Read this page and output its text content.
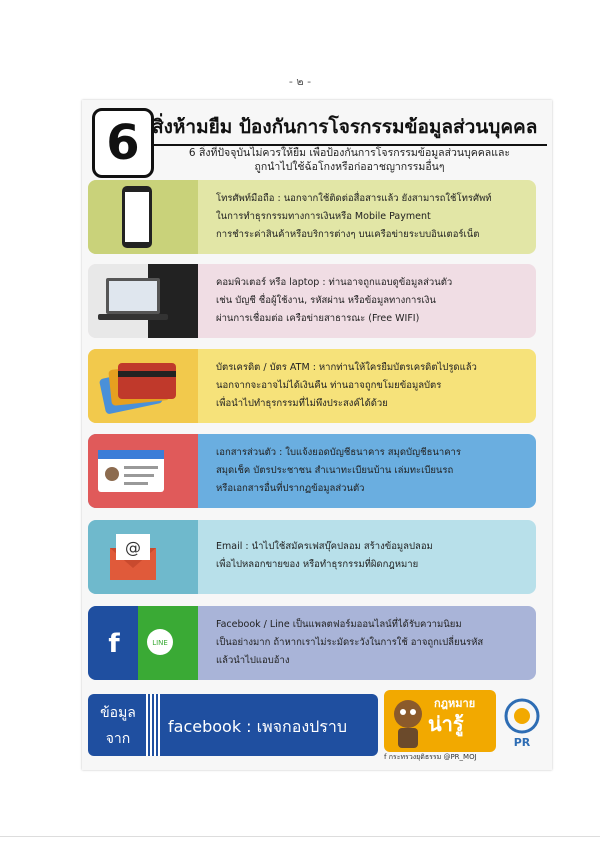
- ๒ -
6 สิ่งห้ามยืม ป้องกันการโจรกรรมข้อมูลส่วนบุคคล
6 สิ่งที่ปัจจุบันไม่ควรให้ยืม เพื่อป้องกันการโจรกรรมข้อมูลส่วนบุคคลและ
ถูกนำไปใช้ฉ้อโกงหรือก่ออาชญากรรมอื่นๆ
โทรศัพท์มือถือ : นอกจากใช้ติดต่อสื่อสารแล้ว ยังสามารถใช้โทรศัพท์
ในการทำธุรกรรมทางการเงินหรือ Mobile Payment
การชำระค่าสินค้าหรือบริการต่างๆ บนเครือข่ายระบบอินเตอร์เน็ต
คอมพิวเตอร์ หรือ laptop : ท่านอาจถูกแอบดูข้อมูลส่วนตัว
เช่น บัญชี ชื่อผู้ใช้งาน, รหัสผ่าน หรือข้อมูลทางการเงิน
ผ่านการเชื่อมต่อ เครือข่ายสาธารณะ (Free WIFI)
บัตรเครดิต / บัตร ATM : หากท่านให้ใครยืมบัตรเครดิตไปรูดแล้ว
นอกจากจะอาจไม่ได้เงินคืน ท่านอาจถูกขโมยข้อมูลบัตร
เพื่อนำไปทำธุรกรรมที่ไม่พึงประสงค์ได้ด้วย
เอกสารส่วนตัว : ใบแจ้งยอดบัญชีธนาคาร สมุดบัญชีธนาคาร
สมุดเช็ค บัตรประชาชน สำเนาทะเบียนบ้าน เล่มทะเบียนรถ
หรือเอกสารอื่นที่ปรากฏข้อมูลส่วนตัว
@	Email : นำไปใช้สมัครเฟสบุ๊คปลอม สร้างข้อมูลปลอม
เพื่อไปหลอกขายของ หรือทำธุรกรรมที่ผิดกฎหมาย
f	LINE
Facebook / Line เป็นแพลตฟอร์มออนไลน์ที่ได้รับความนิยม
เป็นอย่างมาก ถ้าหากเราไม่ระมัดระวังในการใช้ อาจถูกเปลี่ยนรหัส
แล้วนำไปแอบอ้าง
ข้อมูล
จาก
facebook : เพจกองปราบ
กฎหมาย
น่ารู้
f กระทรวงยุติธรรม @PR_MOJ
PR
